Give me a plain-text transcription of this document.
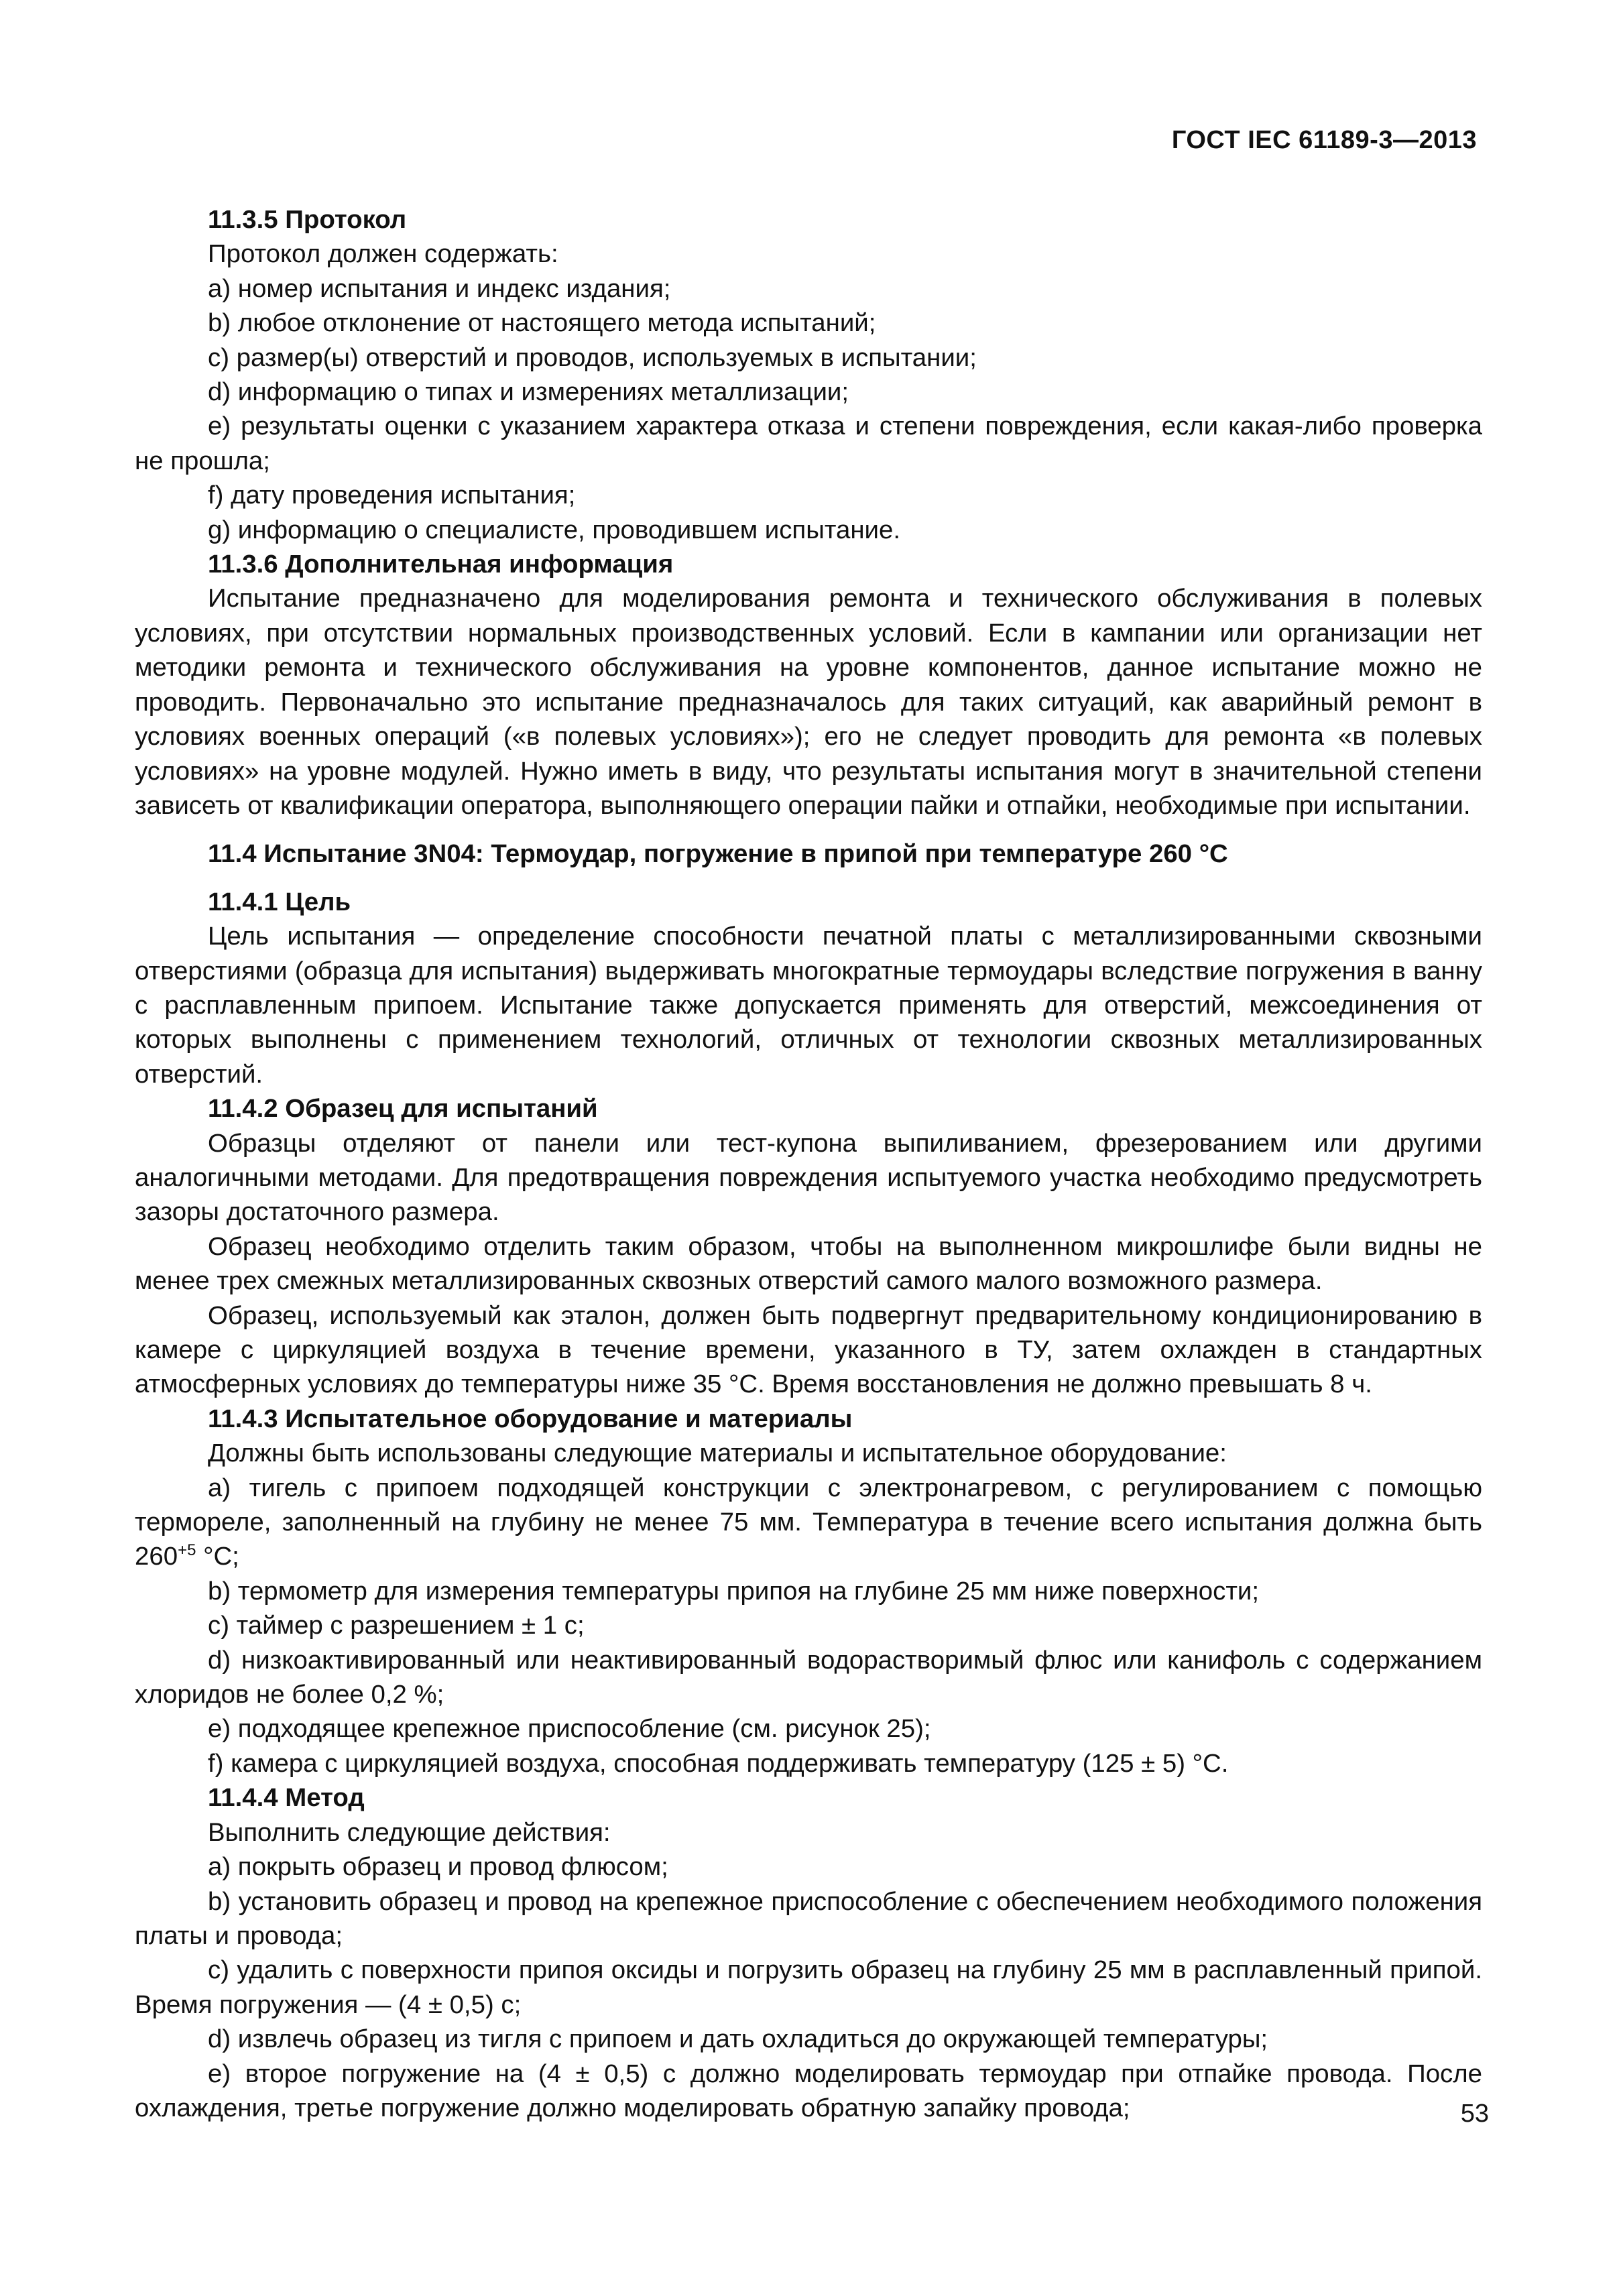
ГОСТ IEC 61189-3—2013
11.3.5 Протокол

Протокол должен содержать:

a) номер испытания и индекс издания;

b) любое отклонение от настоящего метода испытаний;

c) размер(ы) отверстий и проводов, используемых в испытании;

d) информацию о типах и измерениях металлизации;

e) результаты оценки с указанием характера отказа и степени повреждения, если какая-либо проверка не прошла;

f) дату проведения испытания;

g) информацию о специалисте, проводившем испытание.

11.3.6 Дополнительная информация

Испытание предназначено для моделирования ремонта и технического обслуживания в полевых условиях, при отсутствии нормальных производственных условий. Если в кампании или организации нет методики ремонта и технического обслуживания на уровне компонентов, данное испытание можно не проводить. Первоначально это испытание предназначалось для таких ситуаций, как аварийный ремонт в условиях военных операций («в полевых условиях»); его не следует проводить для ремонта «в полевых условиях» на уровне модулей. Нужно иметь в виду, что результаты испытания могут в значительной степени зависеть от квалификации оператора, выполняющего операции пайки и отпайки, необходимые при испытании.

11.4 Испытание 3N04: Термоудар, погружение в припой при температуре 260 °С
11.4.1 Цель

Цель испытания — определение способности печатной платы с металлизированными сквозными отверстиями (образца для испытания) выдерживать многократные термоудары вследствие погружения в ванну с расплавленным припоем. Испытание также допускается применять для отверстий, межсоединения от которых выполнены с применением технологий, отличных от технологии сквозных металлизированных отверстий.

11.4.2 Образец для испытаний

Образцы отделяют от панели или тест-купона выпиливанием, фрезерованием или другими аналогичными методами. Для предотвращения повреждения испытуемого участка необходимо предусмотреть зазоры достаточного размера.

Образец необходимо отделить таким образом, чтобы на выполненном микрошлифе были видны не менее трех смежных металлизированных сквозных отверстий самого малого возможного размера.

Образец, используемый как эталон, должен быть подвергнут предварительному кондиционированию в камере с циркуляцией воздуха в течение времени, указанного в ТУ, затем охлажден в стандартных атмосферных условиях до температуры ниже 35 °С. Время восстановления не должно превышать 8 ч.

11.4.3 Испытательное оборудование и материалы

Должны быть использованы следующие материалы и испытательное оборудование:

a) тигель с припоем подходящей конструкции с электронагревом, с регулированием с помощью термореле, заполненный на глубину не менее 75 мм. Температура в течение всего испытания должна быть $260^{+5}$ °С;

b) термометр для измерения температуры припоя на глубине 25 мм ниже поверхности;

c) таймер с разрешением ± 1 с;

d) низкоактивированный или неактивированный водорастворимый флюс или канифоль с содержанием хлоридов не более 0,2 %;

e) подходящее крепежное приспособление (см. рисунок 25);

f) камера с циркуляцией воздуха, способная поддерживать температуру (125 ± 5) °С.

11.4.4 Метод

Выполнить следующие действия:

a) покрыть образец и провод флюсом;

b) установить образец и провод на крепежное приспособление с обеспечением необходимого положения платы и провода;

c) удалить с поверхности припоя оксиды и погрузить образец на глубину 25 мм в расплавленный припой. Время погружения — (4 ± 0,5) с;

d) извлечь образец из тигля с припоем и дать охладиться до окружающей температуры;

e) второе погружение на (4 ± 0,5) с должно моделировать термоудар при отпайке провода. После охлаждения, третье погружение должно моделировать обратную запайку провода;	53
